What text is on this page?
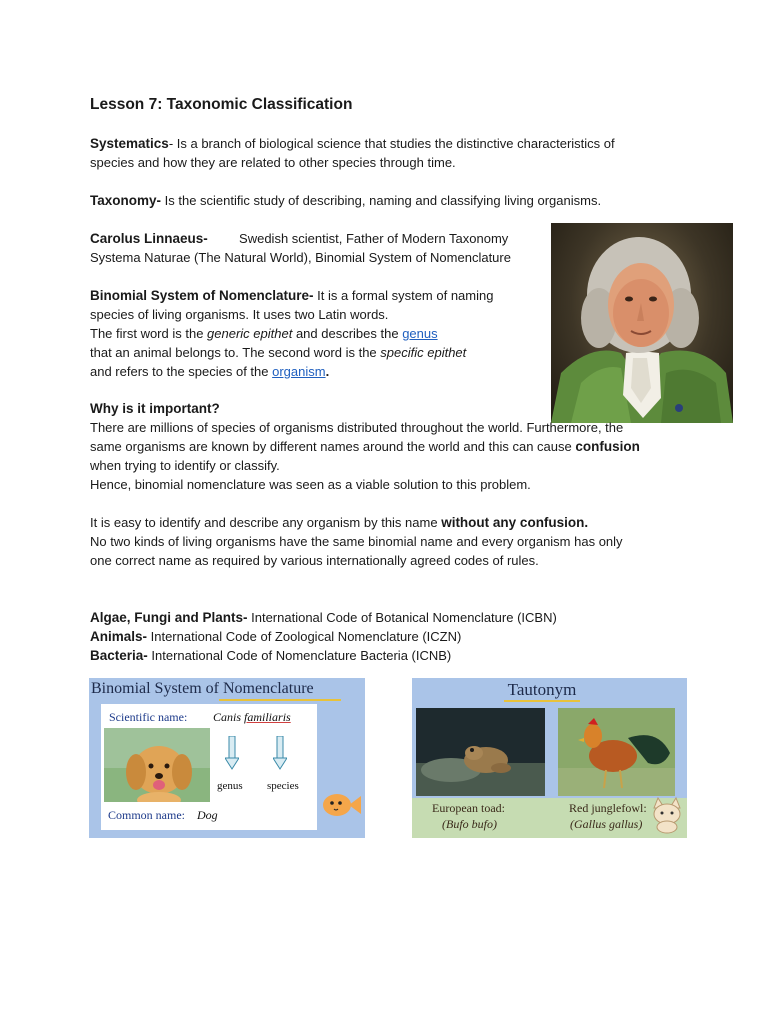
Lesson 7: Taxonomic Classification
Systematics- Is a branch of biological science that studies the distinctive characteristics of
species and how they are related to other species through time.
Taxonomy- Is the scientific study of describing, naming and classifying living organisms.
Carolus Linnaeus- Swedish scientist, Father of Modern Taxonomy
Systema Naturae (The Natural World), Binomial System of Nomenclature
Binomial System of Nomenclature- It is a formal system of naming
species of living organisms. It uses two Latin words.
The first word is the generic epithet and describes the genus
that an animal belongs to. The second word is the specific epithet
and refers to the species of the organism.
Why is it important?
There are millions of species of organisms distributed throughout the world. Furthermore, the
same organisms are known by different names around the world and this can cause confusion
when trying to identify or classify.
Hence, binomial nomenclature was seen as a viable solution to this problem.
It is easy to identify and describe any organism by this name without any confusion.
No two kinds of living organisms have the same binomial name and every organism has only
one correct name as required by various internationally agreed codes of rules.
Algae, Fungi and Plants- International Code of Botanical Nomenclature (ICBN)
Animals- International Code of Zoological Nomenclature (ICZN)
Bacteria- International Code of Nomenclature Bacteria (ICNB)
Binomial System of Nomenclature
Scientific name: Canis familiaris
genus species
Common name: Dog
Tautonym
European toad:
(Bufo bufo)
Red junglefowl:
(Gallus gallus)
